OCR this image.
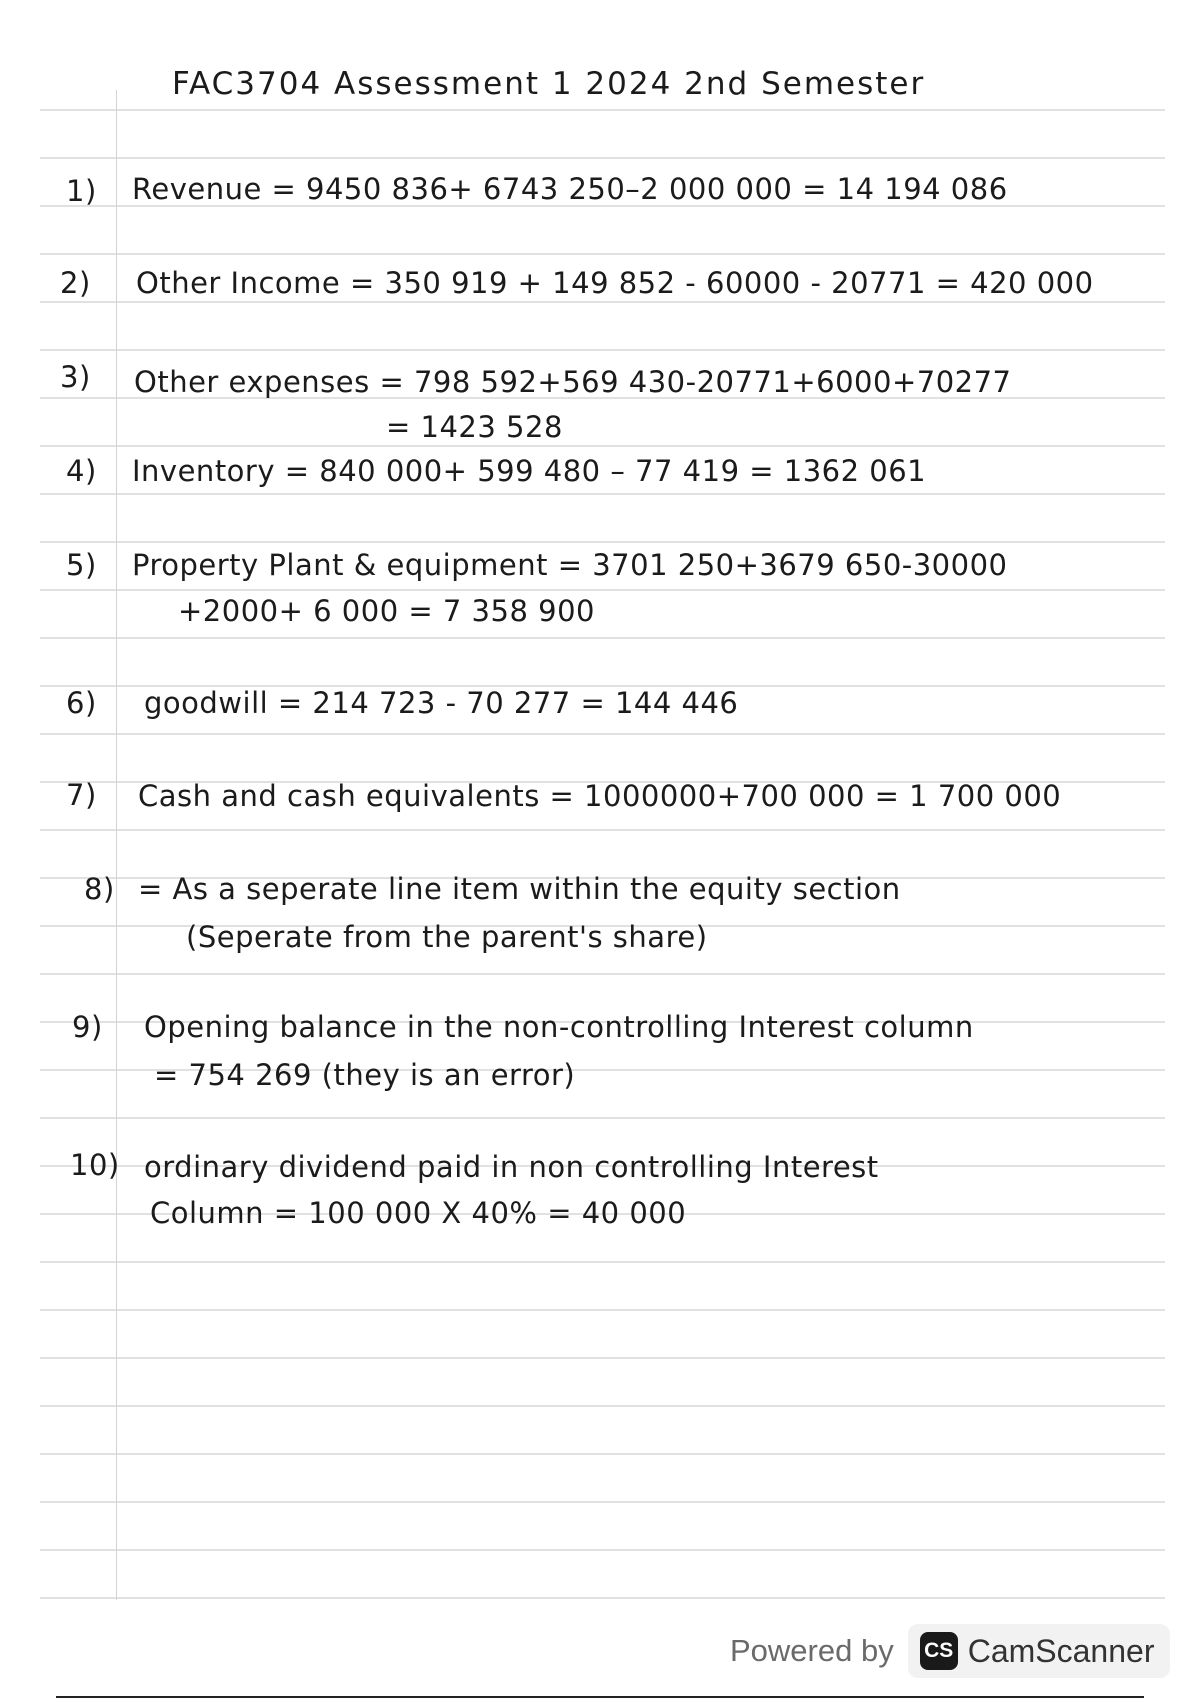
FAC3704 Assessment 1 2024 2nd Semester
1) Revenue = 9450 836+ 6743 250–2 000 000 = 14 194 086
2) Other Income = 350 919 + 149 852 - 60000 - 20771 = 420 000
3) Other expenses = 798 592+569 430-20771+6000+70277
= 1423 528
4) Inventory = 840 000+ 599 480 – 77 419 = 1362 061
5) Property Plant & equipment = 3701 250+3679 650-30000
+2000+ 6 000 = 7 358 900
6) goodwill = 214 723 - 70 277 = 144 446
7) Cash and cash equivalents = 1000000+700 000 = 1 700 000
8) = As a seperate line item within the equity section
(Seperate from the parent's share)
9) Opening balance in the non-controlling Interest column
= 754 269 (they is an error)
10) ordinary dividend paid in non controlling Interest
Column = 100 000 X 40% = 40 000
Powered by CS CamScanner
